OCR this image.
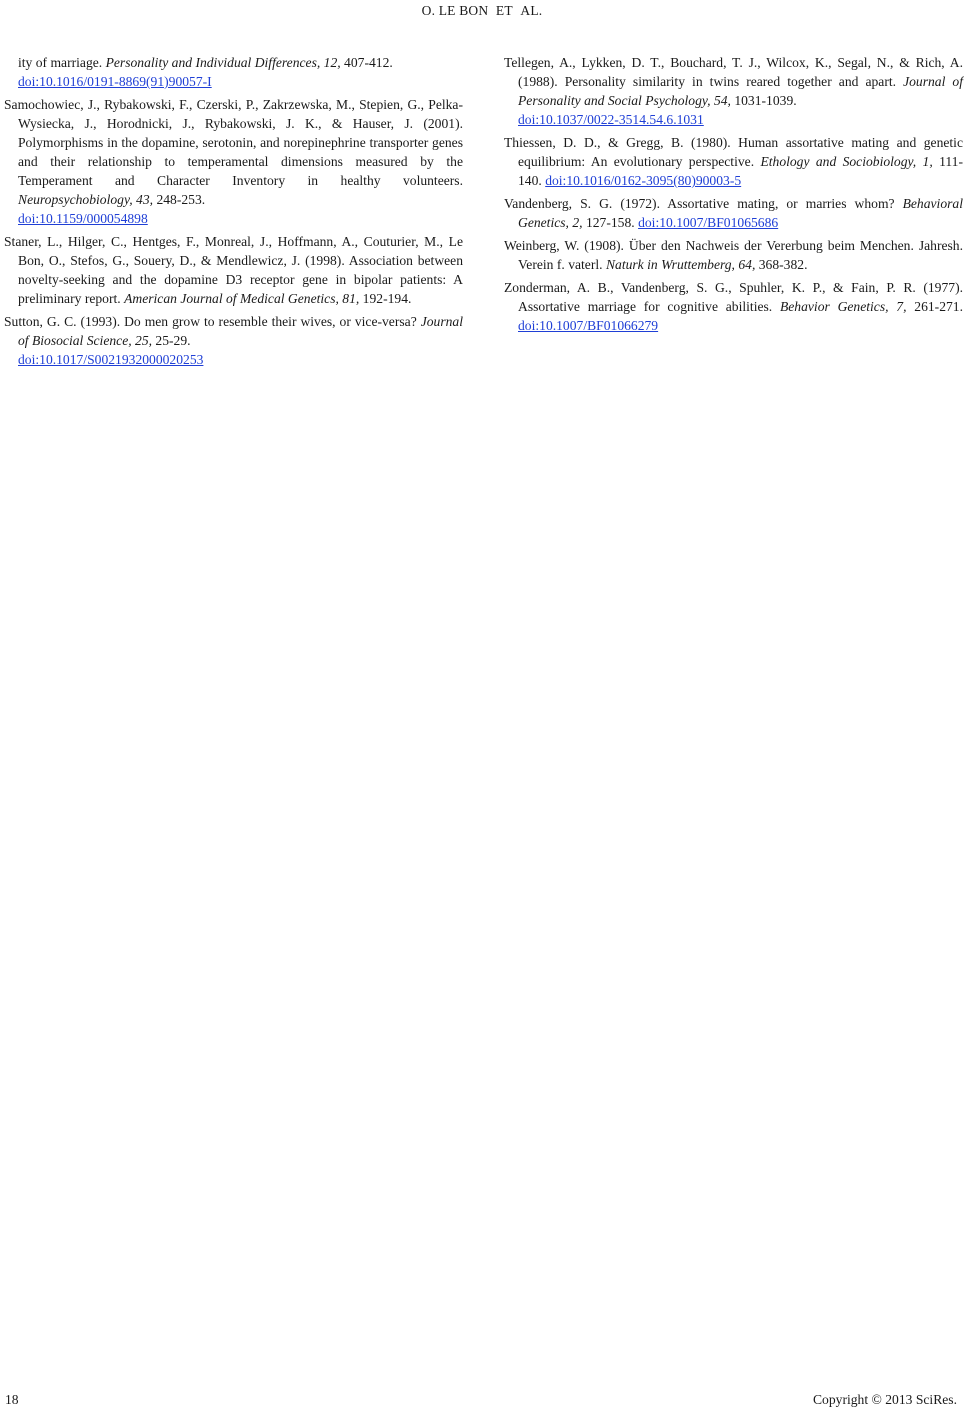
O. LE BON ET AL.

ity of marriage. Personality and Individual Differences, 12, 407-412.
doi:10.1016/0191-8869(91)90057-I

Samochowiec, J., Rybakowski, F., Czerski, P., Zakrzewska, M., Stepien, G., Pelka-Wysiecka, J., Horodnicki, J., Rybakowski, J. K., & Hauser, J. (2001). Polymorphisms in the dopamine, serotonin, and norepinephrine transporter genes and their relationship to temperamental dimensions measured by the Temperament and Character Inventory in healthy volunteers. Neuropsychobiology, 43, 248-253.
doi:10.1159/000054898

Staner, L., Hilger, C., Hentges, F., Monreal, J., Hoffmann, A., Couturier, M., Le Bon, O., Stefos, G., Souery, D., & Mendlewicz, J. (1998). Association between novelty-seeking and the dopamine D3 receptor gene in bipolar patients: A preliminary report. American Journal of Medical Genetics, 81, 192-194.

Sutton, G. C. (1993). Do men grow to resemble their wives, or vice-versa? Journal of Biosocial Science, 25, 25-29.
doi:10.1017/S0021932000020253

Tellegen, A., Lykken, D. T., Bouchard, T. J., Wilcox, K., Segal, N., & Rich, A. (1988). Personality similarity in twins reared together and apart. Journal of Personality and Social Psychology, 54, 1031-1039.
doi:10.1037/0022-3514.54.6.1031

Thiessen, D. D., & Gregg, B. (1980). Human assortative mating and genetic equilibrium: An evolutionary perspective. Ethology and Sociobiology, 1, 111-140. doi:10.1016/0162-3095(80)90003-5

Vandenberg, S. G. (1972). Assortative mating, or marries whom? Behavioral Genetics, 2, 127-158. doi:10.1007/BF01065686

Weinberg, W. (1908). Über den Nachweis der Vererbung beim Menchen. Jahresh. Verein f. vaterl. Naturk in Wruttemberg, 64, 368-382.

Zonderman, A. B., Vandenberg, S. G., Spuhler, K. P., & Fain, P. R. (1977). Assortative marriage for cognitive abilities. Behavior Genetics, 7, 261-271. doi:10.1007/BF01066279

18	Copyright © 2013 SciRes.
